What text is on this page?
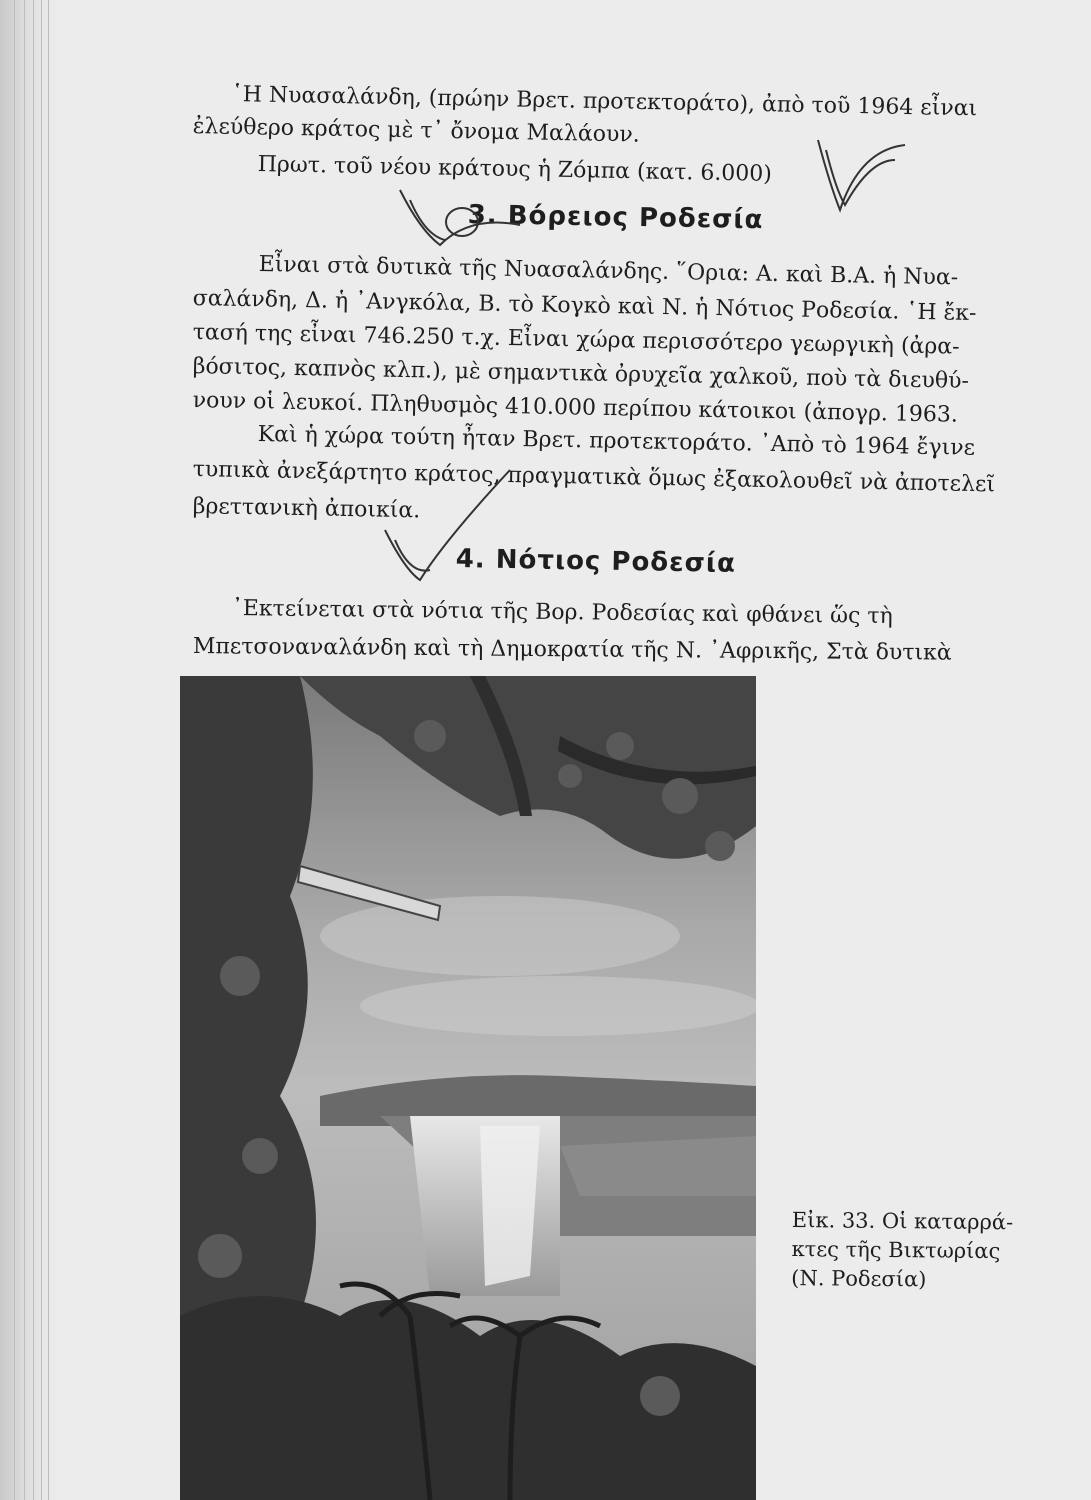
῾Η Νυασαλάνδη, (πρώην Βρετ. προτεκτοράτο), ἀπὸ τοῦ 1964 εἶναι
ἐλεύθερο κράτος μὲ τ᾽ ὄνομα Μαλάουν.
Πρωτ. τοῦ νέου κράτους ἡ Ζόμπα (κατ. 6.000)
3. Βόρειος Ροδεσία
Εἶναι στὰ δυτικὰ τῆς Νυασαλάνδης. ῞Ορια: Α. καὶ Β.Α. ἡ Νυα-
σαλάνδη, Δ. ἡ ᾽Ανγκόλα, Β. τὸ Κογκὸ καὶ Ν. ἡ Νότιος Ροδεσία. ῾Η ἔκ-
τασή της εἶναι 746.250 τ.χ. Εἶναι χώρα περισσότερο γεωργικὴ (ἀρα-
βόσιτος, καπνὸς κλπ.), μὲ σημαντικὰ ὀρυχεῖα χαλκοῦ, ποὺ τὰ διευθύ-
νουν οἱ λευκοί. Πληθυσμὸς 410.000 περίπου κάτοικοι (ἀπογρ. 1963.
Καὶ ἡ χώρα τούτη ἦταν Βρετ. προτεκτοράτο. ᾽Απὸ τὸ 1964 ἔγινε
τυπικὰ ἀνεξάρτητο κράτος, πραγματικὰ ὅμως ἐξακολουθεῖ νὰ ἀποτελεῖ
βρεττανικὴ ἀποικία.
4. Νότιος Ροδεσία
᾽Εκτείνεται στὰ νότια τῆς Βορ. Ροδεσίας καὶ φθάνει ὥς τὴ
Μπετσοναναλάνδη καὶ τὴ Δημοκρατία τῆς Ν. ᾽Αφρικῆς, Στὰ δυτικὰ
Εἰκ. 33. Οἱ καταρρά-
κτες τῆς Βικτωρίας
(Ν. Ροδεσία)
